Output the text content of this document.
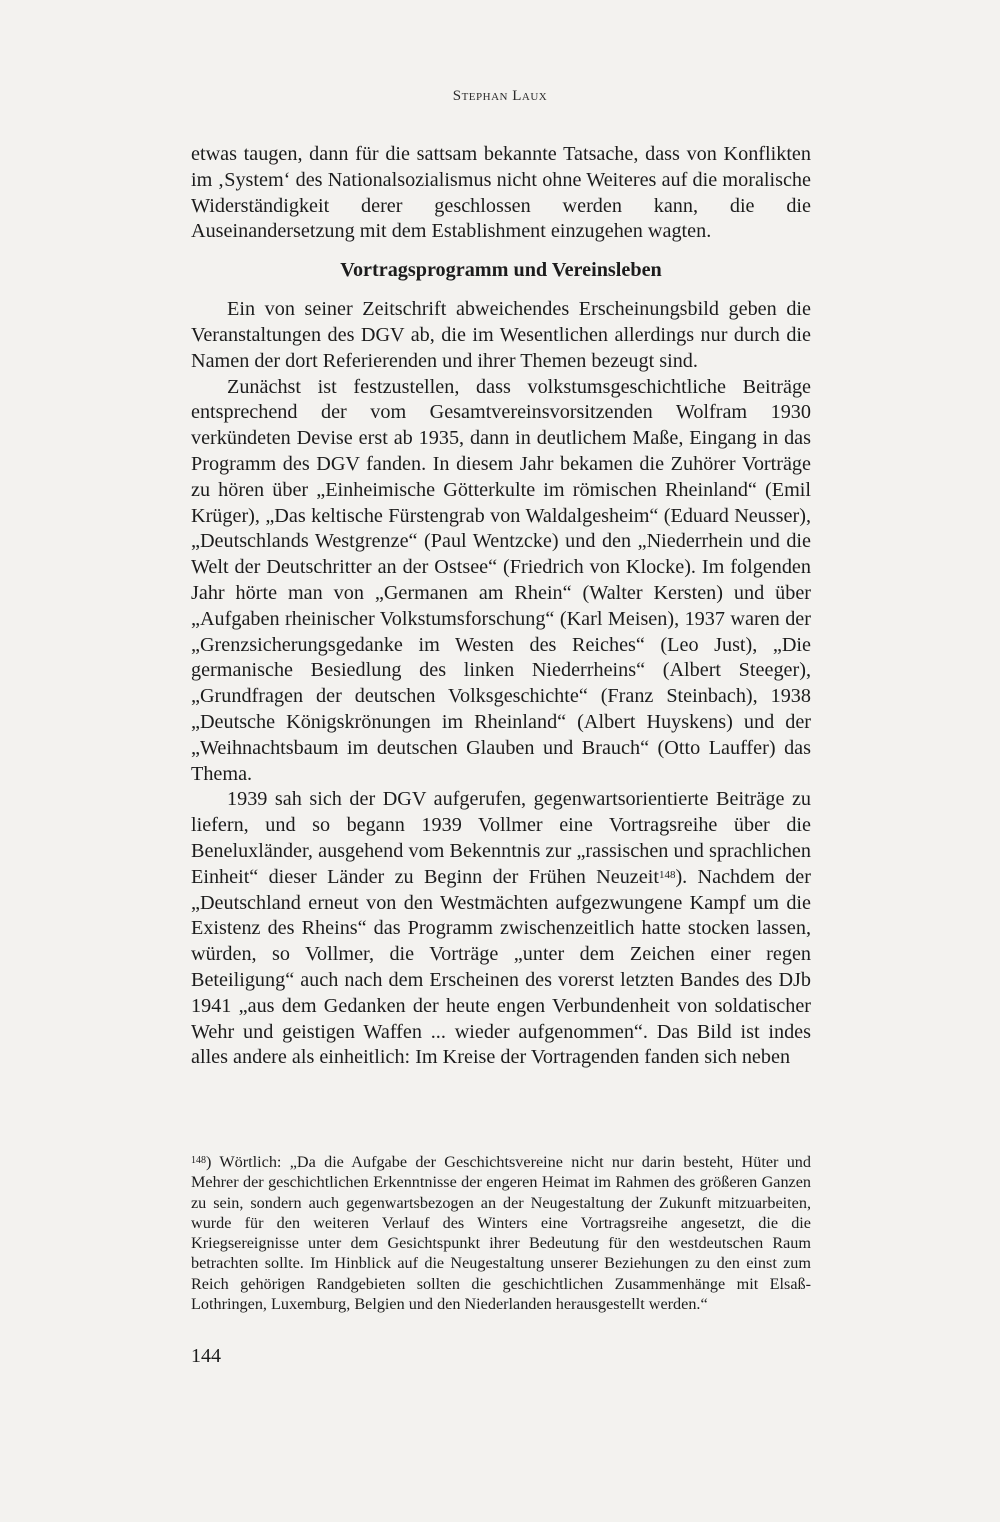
Stephan Laux

etwas taugen, dann für die sattsam bekannte Tatsache, dass von Konflikten im ‚System‘ des Nationalsozialismus nicht ohne Weiteres auf die moralische Widerständigkeit derer geschlossen werden kann, die die Auseinandersetzung mit dem Establishment einzugehen wagten.

Vortragsprogramm und Vereinsleben

Ein von seiner Zeitschrift abweichendes Erscheinungsbild geben die Veranstaltungen des DGV ab, die im Wesentlichen allerdings nur durch die Namen der dort Referierenden und ihrer Themen bezeugt sind.

Zunächst ist festzustellen, dass volkstumsgeschichtliche Beiträge entsprechend der vom Gesamtvereinsvorsitzenden Wolfram 1930 verkündeten Devise erst ab 1935, dann in deutlichem Maße, Eingang in das Programm des DGV fanden. In diesem Jahr bekamen die Zuhörer Vorträge zu hören über „Einheimische Götterkulte im römischen Rheinland“ (Emil Krüger), „Das keltische Fürstengrab von Waldalgesheim“ (Eduard Neusser), „Deutschlands Westgrenze“ (Paul Wentzcke) und den „Niederrhein und die Welt der Deutschritter an der Ostsee“ (Friedrich von Klocke). Im folgenden Jahr hörte man von „Germanen am Rhein“ (Walter Kersten) und über „Aufgaben rheinischer Volkstumsforschung“ (Karl Meisen), 1937 waren der „Grenzsicherungsgedanke im Westen des Reiches“ (Leo Just), „Die germanische Besiedlung des linken Niederrheins“ (Albert Steeger), „Grundfragen der deutschen Volksgeschichte“ (Franz Steinbach), 1938 „Deutsche Königskrönungen im Rheinland“ (Albert Huyskens) und der „Weihnachtsbaum im deutschen Glauben und Brauch“ (Otto Lauffer) das Thema.

1939 sah sich der DGV aufgerufen, gegenwartsorientierte Beiträge zu liefern, und so begann 1939 Vollmer eine Vortragsreihe über die Beneluxländer, ausgehend vom Bekenntnis zur „rassischen und sprachlichen Einheit“ dieser Länder zu Beginn der Frühen Neuzeit$^{148}$). Nachdem der „Deutschland erneut von den Westmächten aufgezwungene Kampf um die Existenz des Rheins“ das Programm zwischenzeitlich hatte stocken lassen, würden, so Vollmer, die Vorträge „unter dem Zeichen einer regen Beteiligung“ auch nach dem Erscheinen des vorerst letzten Bandes des DJb 1941 „aus dem Gedanken der heute engen Verbundenheit von soldatischer Wehr und geistigen Waffen ... wieder aufgenommen“. Das Bild ist indes alles andere als einheitlich: Im Kreise der Vortragenden fanden sich neben

$^{148}$) Wörtlich: „Da die Aufgabe der Geschichtsvereine nicht nur darin besteht, Hüter und Mehrer der geschichtlichen Erkenntnisse der engeren Heimat im Rahmen des größeren Ganzen zu sein, sondern auch gegenwartsbezogen an der Neugestaltung der Zukunft mitzuarbeiten, wurde für den weiteren Verlauf des Winters eine Vortragsreihe angesetzt, die die Kriegsereignisse unter dem Gesichtspunkt ihrer Bedeutung für den westdeutschen Raum betrachten sollte. Im Hinblick auf die Neugestaltung unserer Beziehungen zu den einst zum Reich gehörigen Randgebieten sollten die geschichtlichen Zusammenhänge mit Elsaß-Lothringen, Luxemburg, Belgien und den Niederlanden herausgestellt werden.“

144
